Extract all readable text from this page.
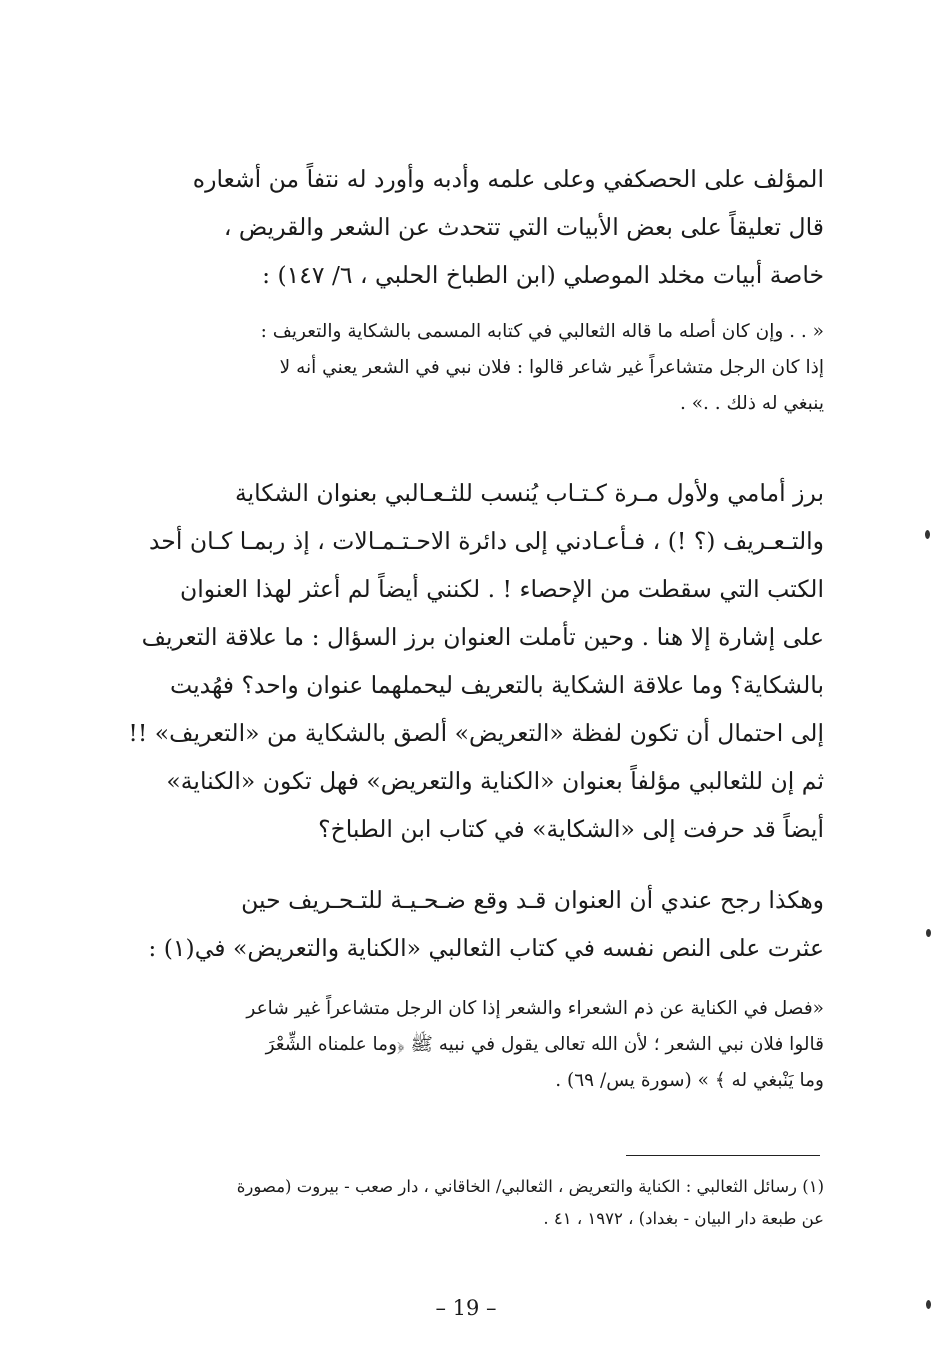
المؤلف على الحصكفي وعلى علمه وأدبه وأورد له نتفاً من أشعاره
قال تعليقاً على بعض الأبيات التي تتحدث عن الشعر والقريض ،
خاصة أبيات مخلد الموصلي (ابن الطباخ الحلبي ، ٦/ ١٤٧) :
« . . وإن كان أصله ما قاله الثعالبي في كتابه المسمى بالشكاية والتعريف :
إذا كان الرجل متشاعراً غير شاعر قالوا : فلان نبي في الشعر يعني أنه لا
ينبغي له ذلك . .» .
برز أمامي ولأول مـرة كـتـاب يُنسب للثـعـالبي بعنوان الشكاية
والتـعـريف (؟ !) ، فـأعـادني إلى دائرة الاحـتـمـالات ، إذ ربمـا كـان أحد
الكتب التي سقطت من الإحصاء ! . لكنني أيضاً لم أعثر لهذا العنوان
على إشارة إلا هنا . وحين تأملت العنوان برز السؤال : ما علاقة التعريف
بالشكاية؟ وما علاقة الشكاية بالتعريف ليحملهما عنوان واحد؟ فهُديت
إلى احتمال أن تكون لفظة «التعريض» ألصق بالشكاية من «التعريف» !!
ثم إن للثعالبي مؤلفاً بعنوان «الكناية والتعريض» فهل تكون «الكناية»
أيضاً قد حرفت إلى «الشكاية» في كتاب ابن الطباخ؟
وهكذا رجح عندي أن العنوان قـد وقع ضـحـيـة للتـحـريف حين
عثرت على النص نفسه في كتاب الثعالبي «الكناية والتعريض» في(١) :
«فصل في الكناية عن ذم الشعراء والشعر إذا كان الرجل متشاعراً غير شاعر
قالوا فلان نبي الشعر ؛ لأن الله تعالى يقول في نبيه ﷺ ﴿وما علمناه الشِّعْرَ
وما يَنْبغي له ﴾ » (سورة يس/ ٦٩) .
(١) رسائل الثعالبي : الكناية والتعريض ، الثعالبي/ الخاقاني ، دار صعب - بيروت (مصورة
عن طبعة دار البيان - بغداد) ، ١٩٧٢ ، ٤١ .
– 19 –
